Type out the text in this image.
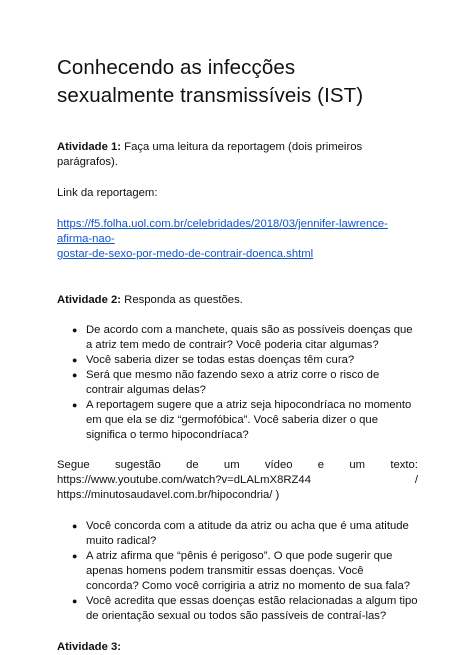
Conhecendo as infecções sexualmente transmissíveis (IST)

Atividade 1: Faça uma leitura da reportagem (dois primeiros parágrafos).

Link da reportagem:

https://f5.folha.uol.com.br/celebridades/2018/03/jennifer-lawrence-afirma-nao-
gostar-de-sexo-por-medo-de-contrair-doenca.shtml

Atividade 2: Responda as questões.

● De acordo com a manchete, quais são as possíveis doenças que a atriz tem medo de contrair? Você poderia citar algumas?
● Você saberia dizer se todas estas doenças têm cura?
● Será que mesmo não fazendo sexo a atriz corre o risco de contrair algumas delas?
● A reportagem sugere que a atriz seja hipocondríaca no momento em que ela se diz “germofóbica”. Você saberia dizer o que significa o termo hipocondríaca?
Segue sugestão de um vídeo e um texto:
https://www.youtube.com/watch?v=dLALmX8RZ44	/

https://minutosaudavel.com.br/hipocondria/ )

● Você concorda com a atitude da atriz ou acha que é uma atitude muito radical?
● A atriz afirma que “pênis é perigoso”. O que pode sugerir que apenas homens podem transmitir essas doenças. Você concorda? Como você corrigiria a atriz no momento de sua fala?
● Você acredita que essas doenças estão relacionadas a algum tipo de orientação sexual ou todos são passíveis de contraí-las?

Atividade 3:
